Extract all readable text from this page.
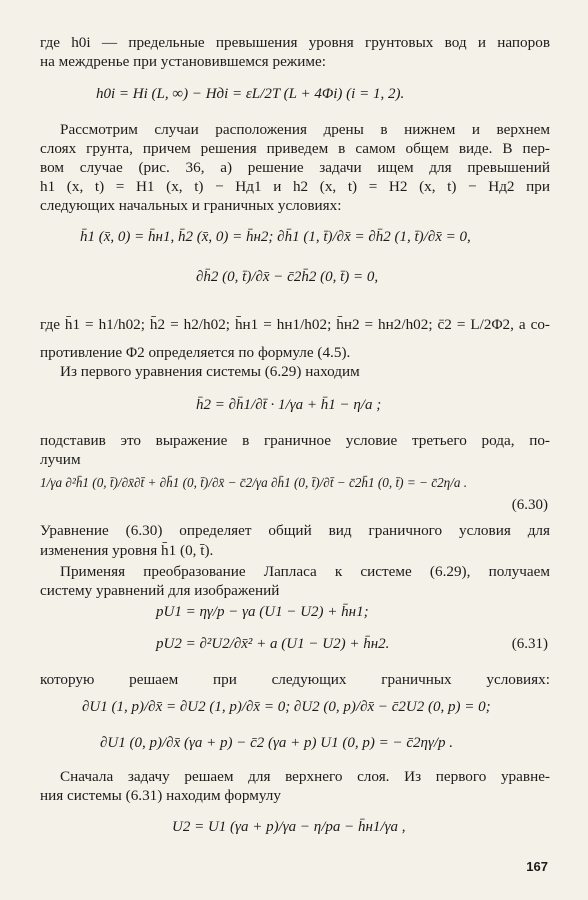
где h0i — предельные превышения уровня грунтовых вод и напоров
на междренье при установившемся режиме:
h0i = Hi (L, ∞) − Hдi = εL/2T (L + 4Φi) (i = 1, 2).
Рассмотрим случаи расположения дрены в нижнем и верхнем
слоях грунта, причем решения приведем в самом общем виде. В пер-
вом случае (рис. 36, а) решение задачи ищем для превышений
h1 (x, t) = H1 (x, t) − Hд1 и h2 (x, t) = H2 (x, t) − Hд2 при
следующих начальных и граничных условиях:
h̄1 (x̄, 0) = h̄н1, h̄2 (x̄, 0) = h̄н2; ∂h̄1 (1, t̄)/∂x̄ = ∂h̄2 (1, t̄)/∂x̄ = 0,
∂h̄2 (0, t̄)/∂x̄ − c̄2h̄2 (0, t̄) = 0,
где h̄1 = h1/h02; h̄2 = h2/h02; h̄н1 = hн1/h02; h̄н2 = hн2/h02; c̄2 = L/2Φ2, а со-
противление Φ2 определяется по формуле (4.5).
Из первого уравнения системы (6.29) находим
h̄2 = ∂h̄1/∂t̄ · 1/γa + h̄1 − η/a ;
подставив это выражение в граничное условие третьего рода, по-
лучим
1/γa ∂²h̄1 (0, t̄)/∂x̄∂t̄ + ∂h̄1 (0, t̄)/∂x̄ − c̄2/γa ∂h̄1 (0, t̄)/∂t̄ − c̄2h̄1 (0, t̄) = − c̄2η/a .
(6.30)
Уравнение (6.30) определяет общий вид граничного условия для
изменения уровня h̄1 (0, t̄).
Применяя преобразование Лапласа к системе (6.29), получаем
систему уравнений для изображений
pU1 = ηγ/p − γa (U1 − U2) + h̄н1;
pU2 = ∂²U2/∂x̄² + a (U1 − U2) + h̄н2.	(6.31)
которую решаем при следующих граничных условиях:
∂U1 (1, p)/∂x̄ = ∂U2 (1, p)/∂x̄ = 0; ∂U2 (0, p)/∂x̄ − c̄2U2 (0, p) = 0;
∂U1 (0, p)/∂x̄ (γa + p) − c̄2 (γa + p) U1 (0, p) = − c̄2ηγ/p .
Сначала задачу решаем для верхнего слоя. Из первого уравне-
ния системы (6.31) находим формулу
U2 = U1 (γa + p)/γa − η/pa − h̄н1/γa ,
167
